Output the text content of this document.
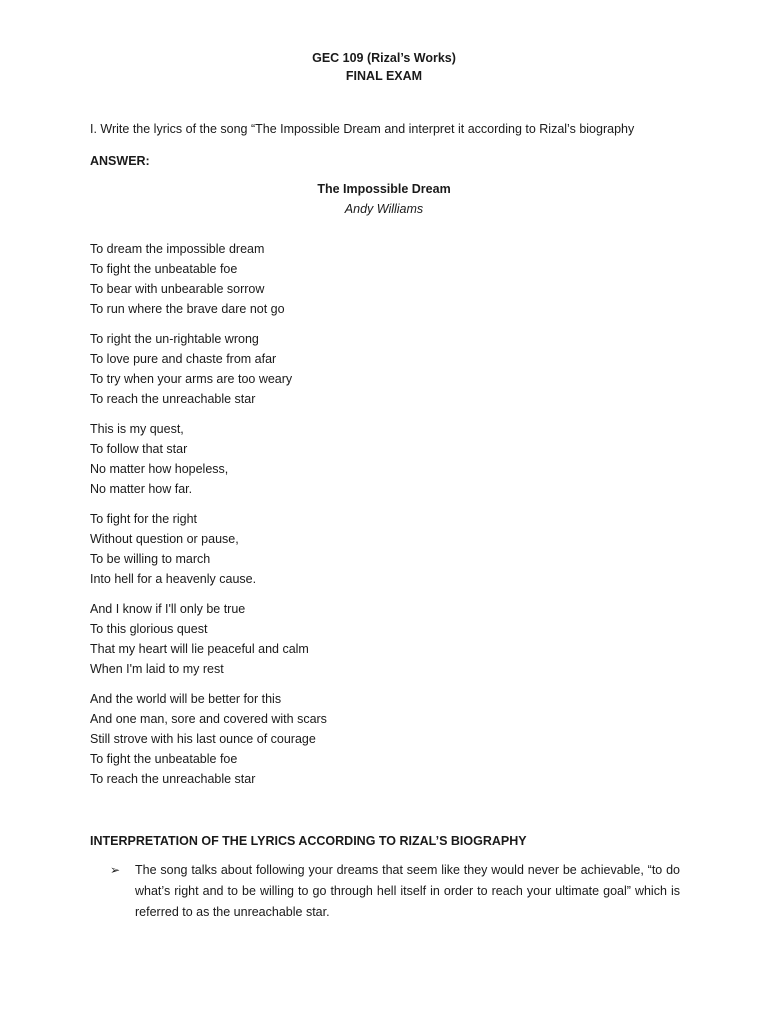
GEC 109 (Rizal’s Works)
FINAL EXAM
I. Write the lyrics of the song “The Impossible Dream and interpret it according to Rizal’s biography
ANSWER:
The Impossible Dream
Andy Williams
To dream the impossible dream
To fight the unbeatable foe
To bear with unbearable sorrow
To run where the brave dare not go
To right the un-rightable wrong
To love pure and chaste from afar
To try when your arms are too weary
To reach the unreachable star
This is my quest,
To follow that star
No matter how hopeless,
No matter how far.
To fight for the right
Without question or pause,
To be willing to march
Into hell for a heavenly cause.
And I know if I'll only be true
To this glorious quest
That my heart will lie peaceful and calm
When I'm laid to my rest
And the world will be better for this
And one man, sore and covered with scars
Still strove with his last ounce of courage
To fight the unbeatable foe
To reach the unreachable star
INTERPRETATION OF THE LYRICS ACCORDING TO RIZAL’S BIOGRAPHY
➢ The song talks about following your dreams that seem like they would never be achievable, “to do what’s right and to be willing to go through hell itself in order to reach your ultimate goal” which is referred to as the unreachable star.
